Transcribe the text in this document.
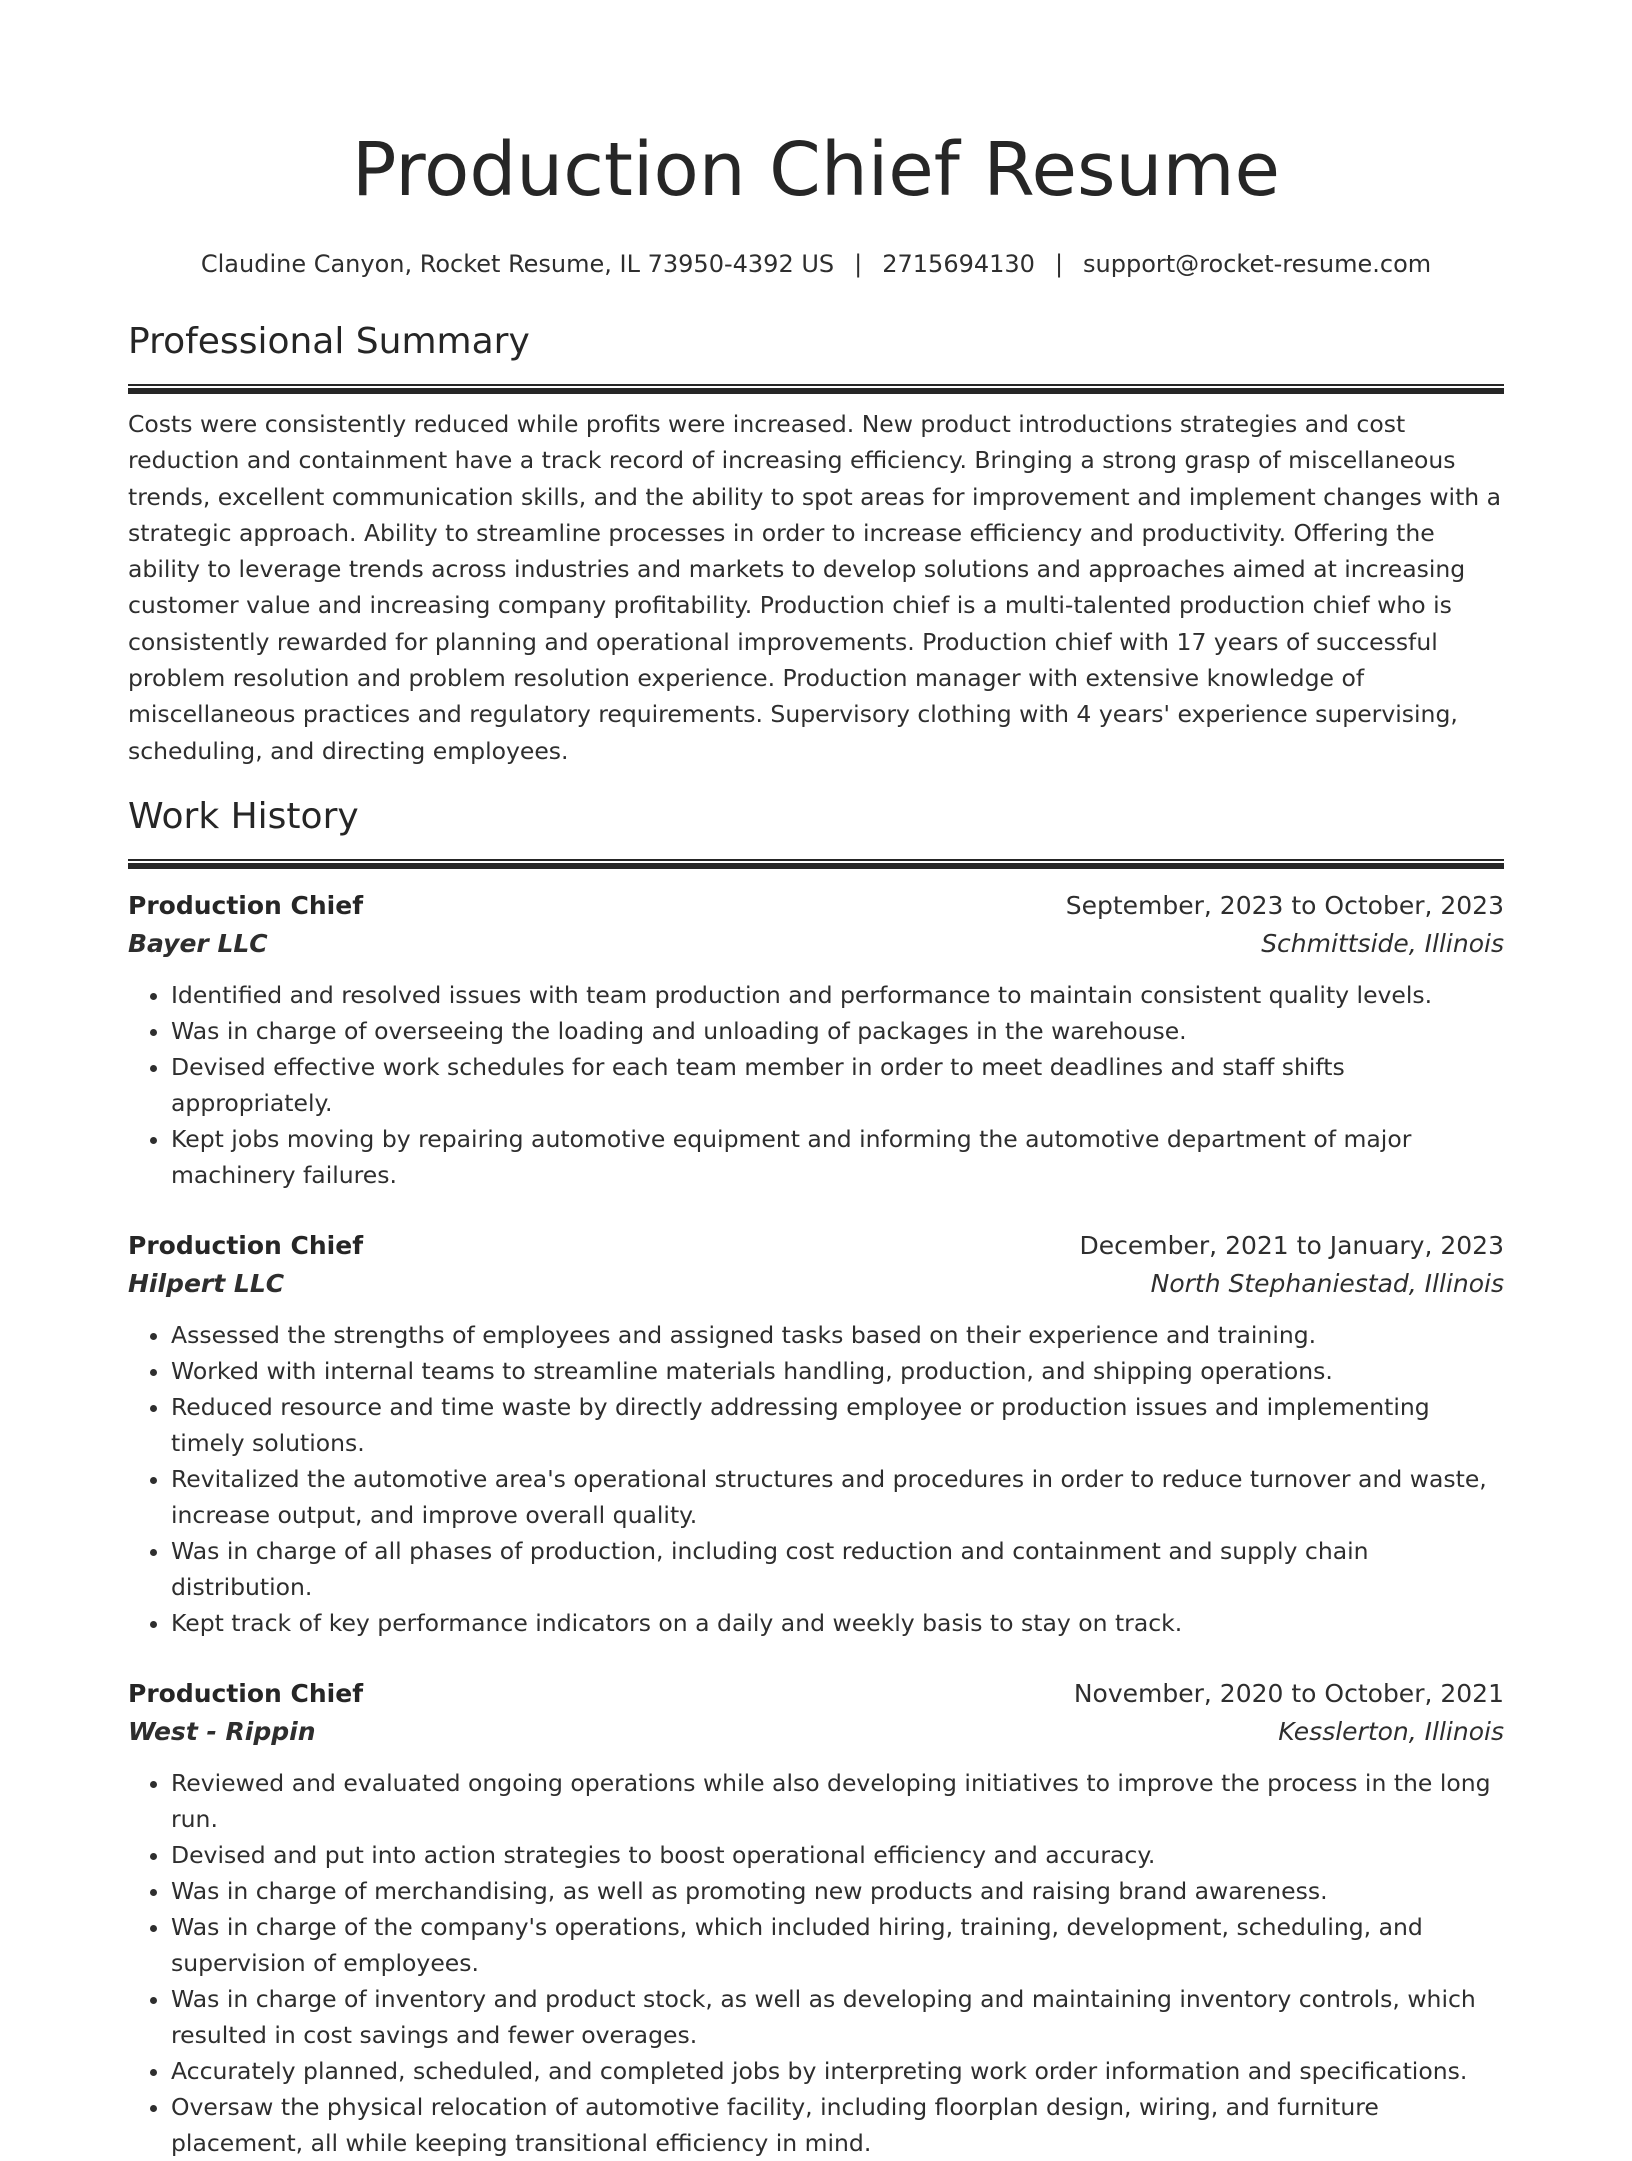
Production Chief Resume
Claudine Canyon, Rocket Resume, IL 73950-4392 US | 2715694130 | support@rocket-resume.com
Professional Summary

Costs were consistently reduced while profits were increased. New product introductions strategies and cost reduction and containment have a track record of increasing efficiency. Bringing a strong grasp of miscellaneous trends, excellent communication skills, and the ability to spot areas for improvement and implement changes with a strategic approach. Ability to streamline processes in order to increase efficiency and productivity. Offering the ability to leverage trends across industries and markets to develop solutions and approaches aimed at increasing customer value and increasing company profitability. Production chief is a multi-talented production chief who is consistently rewarded for planning and operational improvements. Production chief with 17 years of successful problem resolution and problem resolution experience. Production manager with extensive knowledge of miscellaneous practices and regulatory requirements. Supervisory clothing with 4 years' experience supervising, scheduling, and directing employees.

Work History
Production Chief	September, 2023 to October, 2023
Bayer LLC	Schmittside, Illinois
• Identified and resolved issues with team production and performance to maintain consistent quality levels.
• Was in charge of overseeing the loading and unloading of packages in the warehouse.
• Devised effective work schedules for each team member in order to meet deadlines and staff shifts appropriately.
• Kept jobs moving by repairing automotive equipment and informing the automotive department of major machinery failures.
Production Chief	December, 2021 to January, 2023
Hilpert LLC	North Stephaniestad, Illinois
• Assessed the strengths of employees and assigned tasks based on their experience and training.
• Worked with internal teams to streamline materials handling, production, and shipping operations.
• Reduced resource and time waste by directly addressing employee or production issues and implementing timely solutions.
• Revitalized the automotive area's operational structures and procedures in order to reduce turnover and waste, increase output, and improve overall quality.
• Was in charge of all phases of production, including cost reduction and containment and supply chain distribution.
• Kept track of key performance indicators on a daily and weekly basis to stay on track.
Production Chief	November, 2020 to October, 2021
West - Rippin	Kesslerton, Illinois
• Reviewed and evaluated ongoing operations while also developing initiatives to improve the process in the long run.
• Devised and put into action strategies to boost operational efficiency and accuracy.
• Was in charge of merchandising, as well as promoting new products and raising brand awareness.
• Was in charge of the company's operations, which included hiring, training, development, scheduling, and supervision of employees.
• Was in charge of inventory and product stock, as well as developing and maintaining inventory controls, which resulted in cost savings and fewer overages.
• Accurately planned, scheduled, and completed jobs by interpreting work order information and specifications.
• Oversaw the physical relocation of automotive facility, including floorplan design, wiring, and furniture placement, all while keeping transitional efficiency in mind.
